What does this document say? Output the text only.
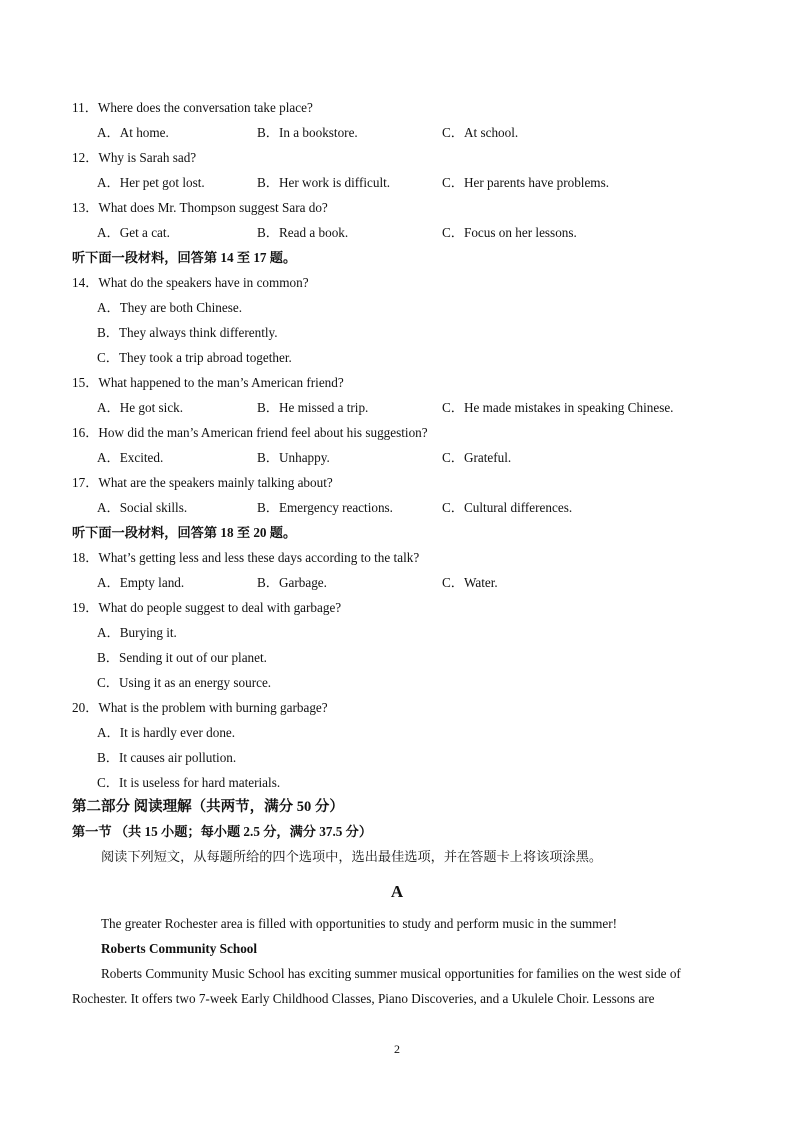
11．Where does the conversation take place?
A．At home.	B．In a bookstore.	C．At school.
12．Why is Sarah sad?
A．Her pet got lost.	B．Her work is difficult.	C．Her parents have problems.
13．What does Mr. Thompson suggest Sara do?
A．Get a cat.	B．Read a book.	C．Focus on her lessons.
听下面一段材料，回答第 14 至 17 题。
14．What do the speakers have in common?
A．They are both Chinese.
B．They always think differently.
C．They took a trip abroad together.
15．What happened to the man’s American friend?
A．He got sick.	B．He missed a trip.	C．He made mistakes in speaking Chinese.
16．How did the man’s American friend feel about his suggestion?
A．Excited.	B．Unhappy.	C．Grateful.
17．What are the speakers mainly talking about?
A．Social skills.	B．Emergency reactions.	C．Cultural differences.
听下面一段材料，回答第 18 至 20 题。
18．What’s getting less and less these days according to the talk?
A．Empty land.	B．Garbage.	C．Water.
19．What do people suggest to deal with garbage?
A．Burying it.
B．Sending it out of our planet.
C．Using it as an energy source.
20．What is the problem with burning garbage?
A．It is hardly ever done.
B．It causes air pollution.
C．It is useless for hard materials.
第二部分 阅读理解（共两节，满分 50 分）
第一节 （共 15 小题；每小题 2.5 分，满分 37.5 分）
阅读下列短文，从每题所给的四个选项中，选出最佳选项，并在答题卡上将该项涂黑。
A
The greater Rochester area is filled with opportunities to study and perform music in the summer!
Roberts Community School
Roberts Community Music School has exciting summer musical opportunities for families on the west side of
Rochester. It offers two 7-week Early Childhood Classes, Piano Discoveries, and a Ukulele Choir. Lessons are
2
